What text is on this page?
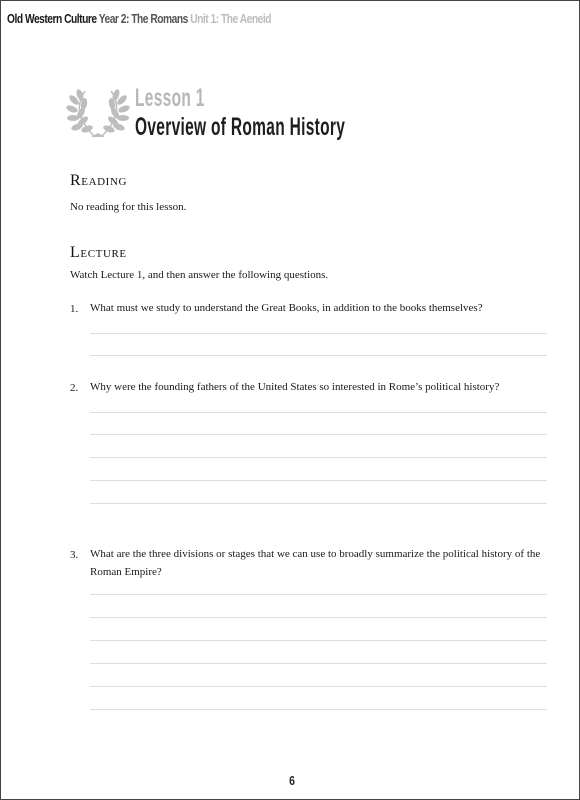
Old Western Culture Year 2: The Romans Unit 1: The Aeneid
Lesson 1
Overview of Roman History
Reading
No reading for this lesson.
Lecture
Watch Lecture 1, and then answer the following questions.
1. What must we study to understand the Great Books, in addition to the books themselves?
2. Why were the founding fathers of the United States so interested in Rome’s political history?
3. What are the three divisions or stages that we can use to broadly summarize the political history of the Roman Empire?
6
